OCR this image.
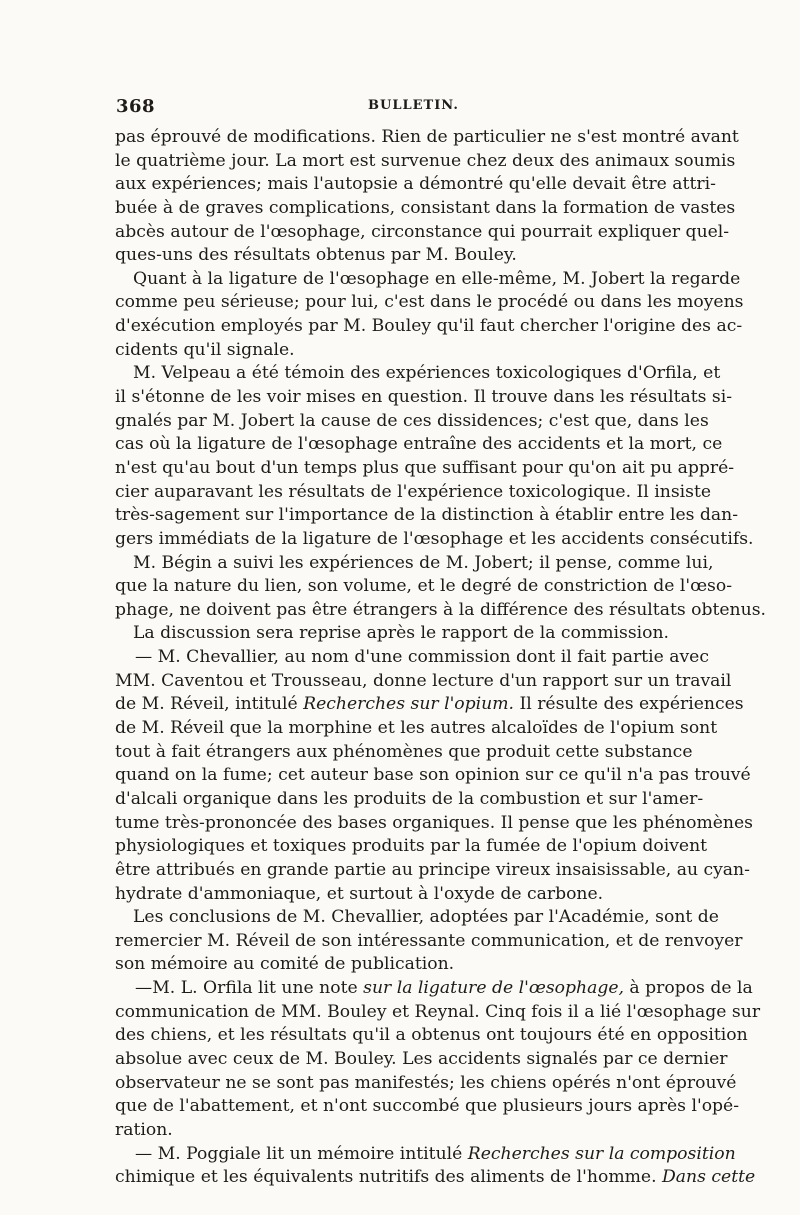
368	BULLETIN.
pas éprouvé de modifications. Rien de particulier ne s'est montré avant
le quatrième jour. La mort est survenue chez deux des animaux soumis
aux expériences; mais l'autopsie a démontré qu'elle devait être attri-
buée à de graves complications, consistant dans la formation de vastes
abcès autour de l'œsophage, circonstance qui pourrait expliquer quel-
ques-uns des résultats obtenus par M. Bouley.
Quant à la ligature de l'œsophage en elle-même, M. Jobert la regarde
comme peu sérieuse; pour lui, c'est dans le procédé ou dans les moyens
d'exécution employés par M. Bouley qu'il faut chercher l'origine des ac-
cidents qu'il signale.
M. Velpeau a été témoin des expériences toxicologiques d'Orfila, et
il s'étonne de les voir mises en question. Il trouve dans les résultats si-
gnalés par M. Jobert la cause de ces dissidences; c'est que, dans les
cas où la ligature de l'œsophage entraîne des accidents et la mort, ce
n'est qu'au bout d'un temps plus que suffisant pour qu'on ait pu appré-
cier auparavant les résultats de l'expérience toxicologique. Il insiste
très-sagement sur l'importance de la distinction à établir entre les dan-
gers immédiats de la ligature de l'œsophage et les accidents consécutifs.
M. Bégin a suivi les expériences de M. Jobert; il pense, comme lui,
que la nature du lien, son volume, et le degré de constriction de l'œso-
phage, ne doivent pas être étrangers à la différence des résultats obtenus.
La discussion sera reprise après le rapport de la commission.
— M. Chevallier, au nom d'une commission dont il fait partie avec
MM. Caventou et Trousseau, donne lecture d'un rapport sur un travail
de M. Réveil, intitulé Recherches sur l'opium. Il résulte des expériences
de M. Réveil que la morphine et les autres alcaloïdes de l'opium sont
tout à fait étrangers aux phénomènes que produit cette substance
quand on la fume; cet auteur base son opinion sur ce qu'il n'a pas trouvé
d'alcali organique dans les produits de la combustion et sur l'amer-
tume très-prononcée des bases organiques. Il pense que les phénomènes
physiologiques et toxiques produits par la fumée de l'opium doivent
être attribués en grande partie au principe vireux insaisissable, au cyan-
hydrate d'ammoniaque, et surtout à l'oxyde de carbone.
Les conclusions de M. Chevallier, adoptées par l'Académie, sont de
remercier M. Réveil de son intéressante communication, et de renvoyer
son mémoire au comité de publication.
—M. L. Orfila lit une note sur la ligature de l'œsophage, à propos de la
communication de MM. Bouley et Reynal. Cinq fois il a lié l'œsophage sur
des chiens, et les résultats qu'il a obtenus ont toujours été en opposition
absolue avec ceux de M. Bouley. Les accidents signalés par ce dernier
observateur ne se sont pas manifestés; les chiens opérés n'ont éprouvé
que de l'abattement, et n'ont succombé que plusieurs jours après l'opé-
ration.
— M. Poggiale lit un mémoire intitulé Recherches sur la composition
chimique et les équivalents nutritifs des aliments de l'homme. Dans cette
